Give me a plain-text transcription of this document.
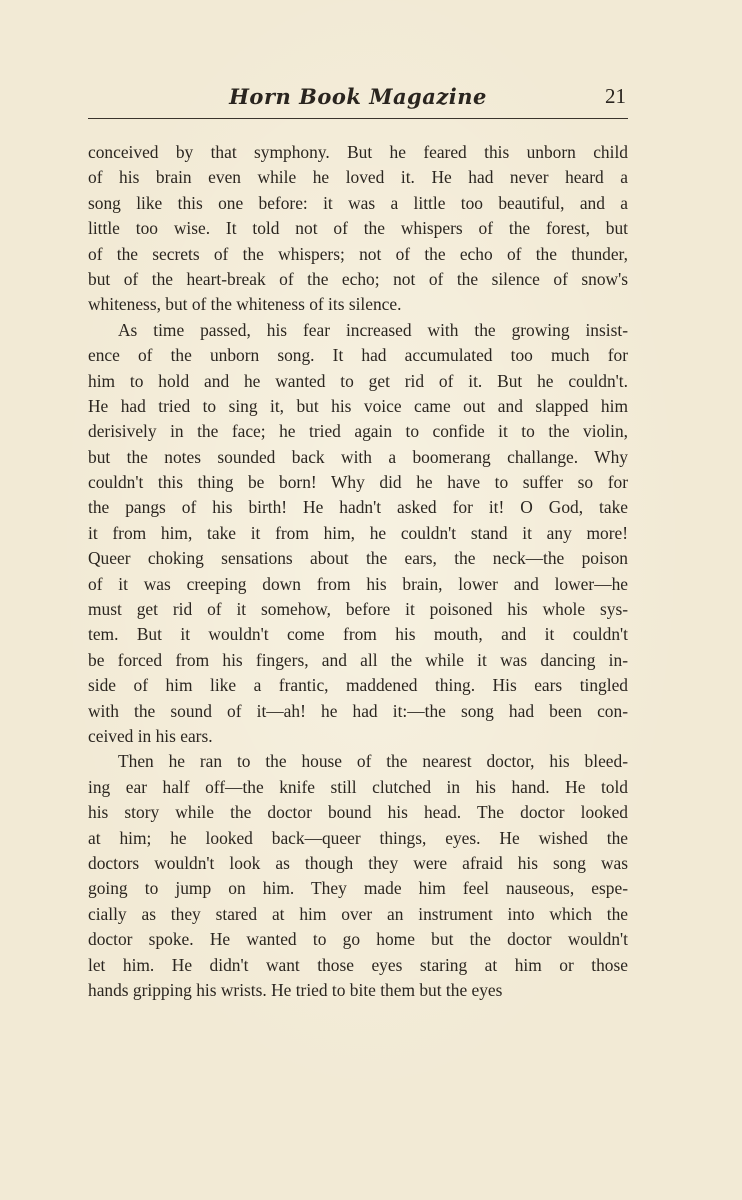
Horn Book Magazine	21
conceived by that symphony. But he feared this unborn child
of his brain even while he loved it. He had never heard a
song like this one before: it was a little too beautiful, and a
little too wise. It told not of the whispers of the forest, but
of the secrets of the whispers; not of the echo of the thunder,
but of the heart-break of the echo; not of the silence of snow's
whiteness, but of the whiteness of its silence.
As time passed, his fear increased with the growing insist-
ence of the unborn song. It had accumulated too much for
him to hold and he wanted to get rid of it. But he couldn't.
He had tried to sing it, but his voice came out and slapped him
derisively in the face; he tried again to confide it to the violin,
but the notes sounded back with a boomerang challange. Why
couldn't this thing be born! Why did he have to suffer so for
the pangs of his birth! He hadn't asked for it! O God, take
it from him, take it from him, he couldn't stand it any more!
Queer choking sensations about the ears, the neck—the poison
of it was creeping down from his brain, lower and lower—he
must get rid of it somehow, before it poisoned his whole sys-
tem. But it wouldn't come from his mouth, and it couldn't
be forced from his fingers, and all the while it was dancing in-
side of him like a frantic, maddened thing. His ears tingled
with the sound of it—ah! he had it:—the song had been con-
ceived in his ears.
Then he ran to the house of the nearest doctor, his bleed-
ing ear half off—the knife still clutched in his hand. He told
his story while the doctor bound his head. The doctor looked
at him; he looked back—queer things, eyes. He wished the
doctors wouldn't look as though they were afraid his song was
going to jump on him. They made him feel nauseous, espe-
cially as they stared at him over an instrument into which the
doctor spoke. He wanted to go home but the doctor wouldn't
let him. He didn't want those eyes staring at him or those
hands gripping his wrists. He tried to bite them but the eyes
